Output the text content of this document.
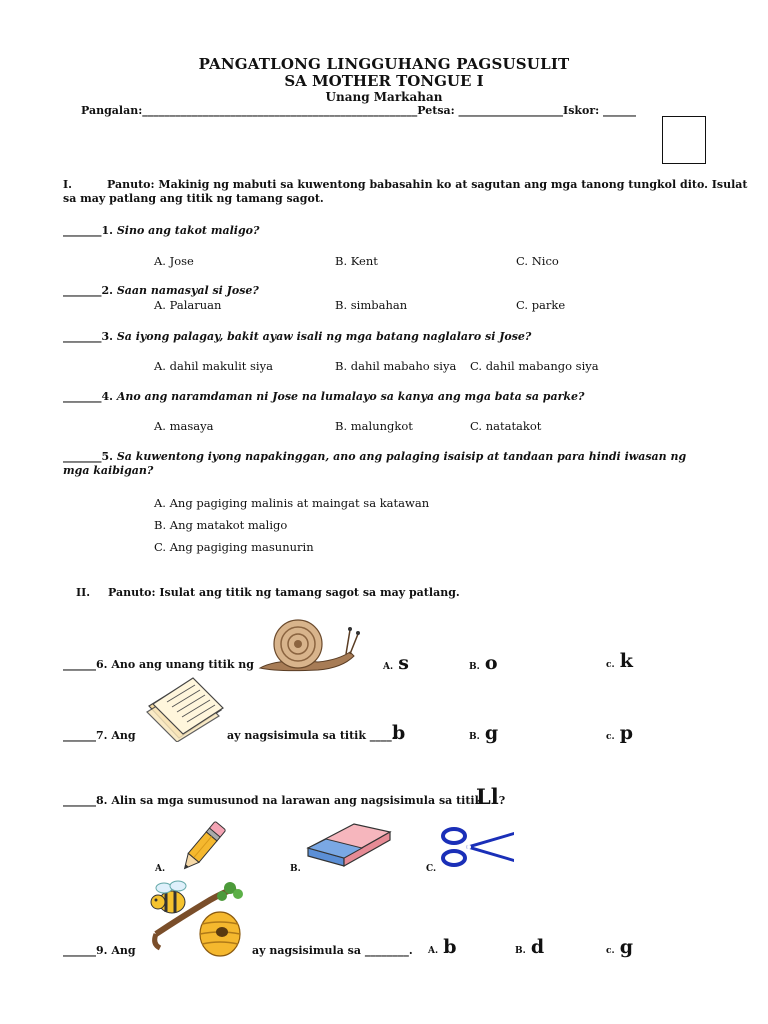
PANGATLONG LINGGUHANG PAGSUSULIT
SA MOTHER TONGUE I
Unang Markahan
Pangalan:__________________________________________________Petsa: ___________________Iskor: ______
I.	Panuto: Makinig ng mabuti sa kuwentong babasahin ko at sagutan ang mga tanong tungkol dito. Isulat
sa may patlang ang titik ng tamang sagot.
_______1. Sino ang takot maligo?
A. Jose	B. Kent	C. Nico
_______2. Saan namasyal si Jose?
A. Palaruan	B. simbahan	C. parke
_______3. Sa iyong palagay, bakit ayaw isali ng mga batang naglalaro si Jose?
A. dahil makulit siya	B. dahil mabaho siya C. dahil mabango siya
_______4. Ano ang naramdaman ni Jose na lumalayo sa kanya ang mga bata sa parke?
A. masaya	B. malungkot	C. natatakot
_______5. Sa kuwentong iyong napakinggan, ano ang palaging isaisip at tandaan para hindi iwasan ng
mga kaibigan?
A. Ang pagiging malinis at maingat sa katawan
B. Ang matakot maligo
C. Ang pagiging masunurin
II. Panuto: Isulat ang titik ng tamang sagot sa may patlang.
______6. Ano ang unang titik ng	A. s	B. o	c. k
______7. Ang	ay nagsisimula sa titik ____.
b	B. g	c. p
______8. Alin sa mga sumusunod na larawan ang nagsisimula sa titik
Ll?
A.	B.	C.
______9. Ang	ay nagsisimula sa ________. A. b	B. d	c. g
